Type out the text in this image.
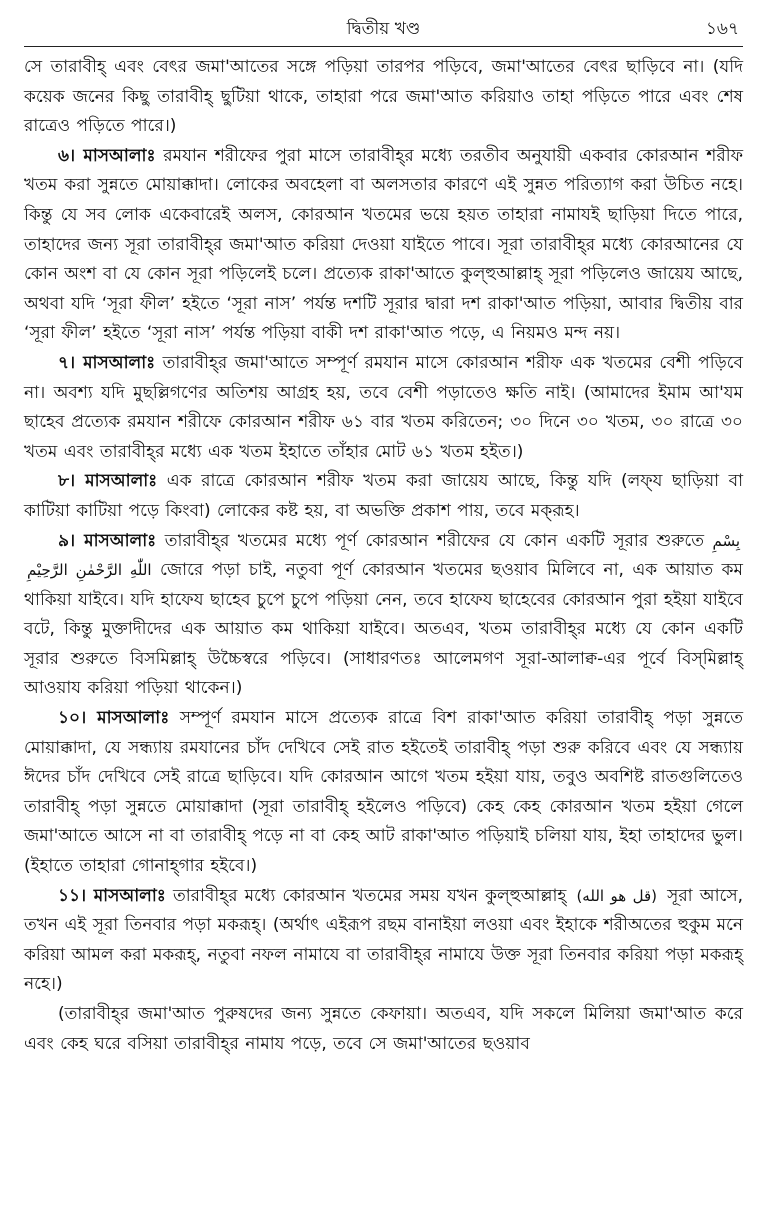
দ্বিতীয় খণ্ড	১৬৭

সে তারাবীহ্‌ এবং বেৎর জমা'আতের সঙ্গে পড়িয়া তারপর পড়িবে, জমা'আতের বেৎর ছাড়িবে না। (যদি কয়েক জনের কিছু তারাবীহ্‌ ছুটিয়া থাকে, তাহারা পরে জমা'আত করিয়াও তাহা পড়িতে পারে এবং শেষ রাত্রেও পড়িতে পারে।)

৬। মাসআলাঃ রমযান শরীফের পুরা মাসে তারাবীহ্‌র মধ্যে তরতীব অনুযায়ী একবার কোরআন শরীফ খতম করা সুন্নতে মোয়াক্কাদা। লোকের অবহেলা বা অলসতার কারণে এই সুন্নত পরিত্যাগ করা উচিত নহে। কিন্তু যে সব লোক একেবারেই অলস, কোরআন খতমের ভয়ে হয়ত তাহারা নামাযই ছাড়িয়া দিতে পারে, তাহাদের জন্য সূরা তারাবীহ্‌র জমা'আত করিয়া দেওয়া যাইতে পাবে। সূরা তারাবীহ্‌র মধ্যে কোরআনের যে কোন অংশ বা যে কোন সূরা পড়িলেই চলে। প্রত্যেক রাকা'আতে কুল্‌হুআল্লাহ্‌ সূরা পড়িলেও জায়েয আছে, অথবা যদি ‘সূরা ফীল’ হইতে ‘সূরা নাস’ পর্যন্ত দশটি সূরার দ্বারা দশ রাকা'আত পড়িয়া, আবার দ্বিতীয় বার ‘সূরা ফীল’ হইতে ‘সূরা নাস’ পর্যন্ত পড়িয়া বাকী দশ রাকা'আত পড়ে, এ নিয়মও মন্দ নয়।

৭। মাসআলাঃ তারাবীহ্‌র জমা'আতে সম্পূর্ণ রমযান মাসে কোরআন শরীফ এক খতমের বেশী পড়িবে না। অবশ্য যদি মুছল্লিগণের অতিশয় আগ্রহ হয়, তবে বেশী পড়াতেও ক্ষতি নাই। (আমাদের ইমাম আ'যম ছাহেব প্রত্যেক রমযান শরীফে কোরআন শরীফ ৬১ বার খতম করিতেন; ৩০ দিনে ৩০ খতম, ৩০ রাত্রে ৩০ খতম এবং তারাবীহ্‌র মধ্যে এক খতম ইহাতে তাঁহার মোট ৬১ খতম হইত।)

৮। মাসআলাঃ এক রাত্রে কোরআন শরীফ খতম করা জায়েয আছে, কিন্তু যদি (লফ্‌য ছাড়িয়া বা কাটিয়া কাটিয়া পড়ে কিংবা) লোকের কষ্ট হয়, বা অভক্তি প্রকাশ পায়, তবে মক্‌রূহ।

৯। মাসআলাঃ তারাবীহ্‌র খতমের মধ্যে পূর্ণ কোরআন শরীফের যে কোন একটি সূরার শুরুতে بِسْمِ اللّٰهِ الرَّحْمٰنِ الرَّحِيْمِ জোরে পড়া চাই, নতুবা পূর্ণ কোরআন খতমের ছওয়াব মিলিবে না, এক আয়াত কম থাকিয়া যাইবে। যদি হাফেয ছাহেব চুপে চুপে পড়িয়া নেন, তবে হাফেয ছাহেবের কোরআন পুরা হইয়া যাইবে বটে, কিন্তু মুক্তাদীদের এক আয়াত কম থাকিয়া যাইবে। অতএব, খতম তারাবীহ্‌র মধ্যে যে কোন একটি সূরার শুরুতে বিসমিল্লাহ্‌ উচ্চৈস্বরে পড়িবে। (সাধারণতঃ আলেমগণ সূরা-আলাক্ব-এর পূর্বে বিস্‌মিল্লাহ্‌ আওয়ায করিয়া পড়িয়া থাকেন।)

১০। মাসআলাঃ সম্পূর্ণ রমযান মাসে প্রত্যেক রাত্রে বিশ রাকা'আত করিয়া তারাবীহ্‌ পড়া সুন্নতে মোয়াক্কাদা, যে সন্ধ্যায় রমযানের চাঁদ দেখিবে সেই রাত হইতেই তারাবীহ্‌ পড়া শুরু করিবে এবং যে সন্ধ্যায় ঈদের চাঁদ দেখিবে সেই রাত্রে ছাড়িবে। যদি কোরআন আগে খতম হইয়া যায়, তবুও অবশিষ্ট রাতগুলিতেও তারাবীহ্‌ পড়া সুন্নতে মোয়াক্কাদা (সূরা তারাবীহ্‌ হইলেও পড়িবে) কেহ কেহ কোরআন খতম হইয়া গেলে জমা'আতে আসে না বা তারাবীহ্‌ পড়ে না বা কেহ আট রাকা'আত পড়িয়াই চলিয়া যায়, ইহা তাহাদের ভুল। (ইহাতে তাহারা গোনাহ্‌গার হইবে।)

১১। মাসআলাঃ তারাবীহ্‌র মধ্যে কোরআন খতমের সময় যখন কুল্‌হুআল্লাহ্‌ (قل هو الله) সূরা আসে, তখন এই সূরা তিনবার পড়া মকরূহ্‌। (অর্থাৎ এইরূপ রছম বানাইয়া লওয়া এবং ইহাকে শরীঅতের হুকুম মনে করিয়া আমল করা মকরূহ্‌, নতুবা নফল নামাযে বা তারাবীহ্‌র নামাযে উক্ত সূরা তিনবার করিয়া পড়া মকরূহ্‌ নহে।)

(তারাবীহ্‌র জমা'আত পুরুষদের জন্য সুন্নতে কেফায়া। অতএব, যদি সকলে মিলিয়া জমা'আত করে এবং কেহ ঘরে বসিয়া তারাবীহ্‌র নামায পড়ে, তবে সে জমা'আতের ছওয়াব
